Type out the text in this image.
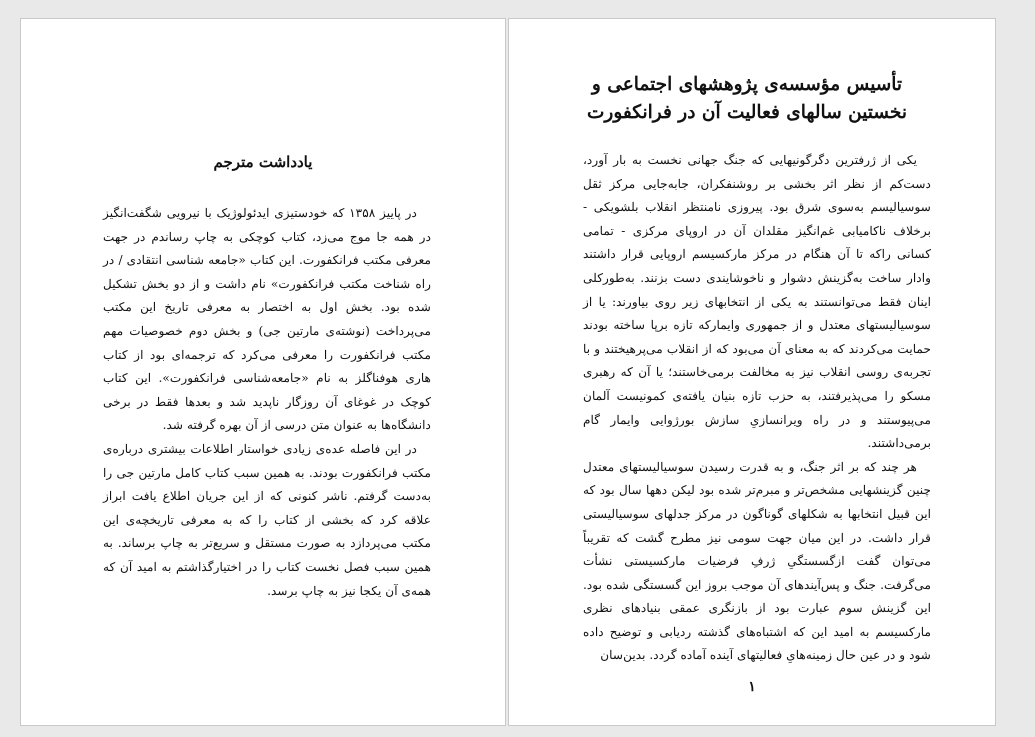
یادداشت مترجم

در پاییز ۱۳۵۸ که خودستیزی ایدئولوژیک با نیرویی شگفت‌انگیز در همه جا موج می‌زد، کتاب کوچکی به چاپ رساندم در جهت معرفی مکتب فرانکفورت. این کتاب «جامعه شناسی انتقادی / در راه شناخت مکتب فرانکفورت» نام داشت و از دو بخش تشکیل شده بود. بخش اول به اختصار به معرفی تاریخ این مکتب می‌پرداخت (نوشته‌ی مارتین جی) و بخش دوم خصوصیات مهم مکتب فرانکفورت را معرفی می‌کرد که ترجمه‌ای بود از کتاب هاری هوفناگلز به نام «جامعه‌شناسی فرانکفورت». این کتاب کوچک در غوغای آن روزگار ناپدید شد و بعدها فقط در برخی دانشگاه‌ها به عنوان متن درسی از آن بهره گرفته شد.

در این فاصله عده‌ی زیادی خواستار اطلاعات بیشتری درباره‌ی مکتب فرانکفورت بودند. به همین سبب کتاب کامل مارتین جی را به‌دست گرفتم. ناشر کنونی که از این جریان اطلاع یافت ابراز علاقه کرد که بخشی از کتاب را که به معرفی تاریخچه‌ی این مکتب می‌پردازد به صورت مستقل و سریع‌تر به چاپ برساند. به همین سبب فصل نخست کتاب را در اختیارگذاشتم به امید آن که همه‌ی آن یکجا نیز به چاپ برسد.

تأسیس مؤسسه‌ی پژوهشهای اجتماعی و
نخستین سالهای فعالیت آن در فرانکفورت

یکی از ژرفترین دگرگونیهایی که جنگ جهانی نخست به بار آورد، دست‌کم از نظر اثر بخشی بر روشنفکران، جابه‌جایی مرکز ثقل سوسیالیسم به‌سوی شرق بود. پیروزی نامنتظر انقلاب بلشویکی - برخلاف ناکامیابی غم‌انگیز مقلدان آن در اروپای مرکزی - تمامی کسانی راکه تا آن هنگام در مرکز مارکسیسم اروپایی قرار داشتند وادار ساخت به‌گزینش دشوار و ناخوشایندی دست بزنند. به‌طورکلی اینان فقط می‌توانستند به یکی از انتخابهای زیر روی بیاورند: یا از سوسیالیستهای معتدل و از جمهوری وایمارکه تازه بر‌پا ساخته بودند حمایت می‌کردند که به معنای آن می‌بود که از انقلاب می‌پرهیختند و با تجربه‌ی روسی انقلاب نیز به مخالفت برمی‌خاستند؛ یا آن که رهبری مسکو را می‌پذیرفتند، به حزب تازه بنیان یافته‌ی کمونیست آلمان می‌پیوستند و در راه ویرانسازیِ سازش بورژوایی وایمار گام برمی‌داشتند.

هر چند که بر اثر جنگ، و به قدرت رسیدن سوسیالیستهای معتدل چنین گزینشهایی مشخص‌تر و مبرم‌تر شده بود لیکن دهها سال بود که این قبیل انتخابها به شکلهای گوناگون در مرکز جدلهای سوسیالیستی قرار داشت. در این میان جهت سومی نیز مطرح گشت که تقریباً می‌توان گفت ازگسستگیِ ژرفِ فرضیات مارکسیستی نشأت می‌گرفت. جنگ و پس‌آیندهای آن موجب بروز این گسستگی شده بود. این گزینش سوم عبارت بود از بازنگری عمقی بنیادهای نظری مارکسیسم به امید این که اشتباه‌های گذشته ردیابی و توضیح داده شود و در عین حال زمینه‌هایِ فعالیتهای آینده آماده گردد. بدین‌سان

۱
